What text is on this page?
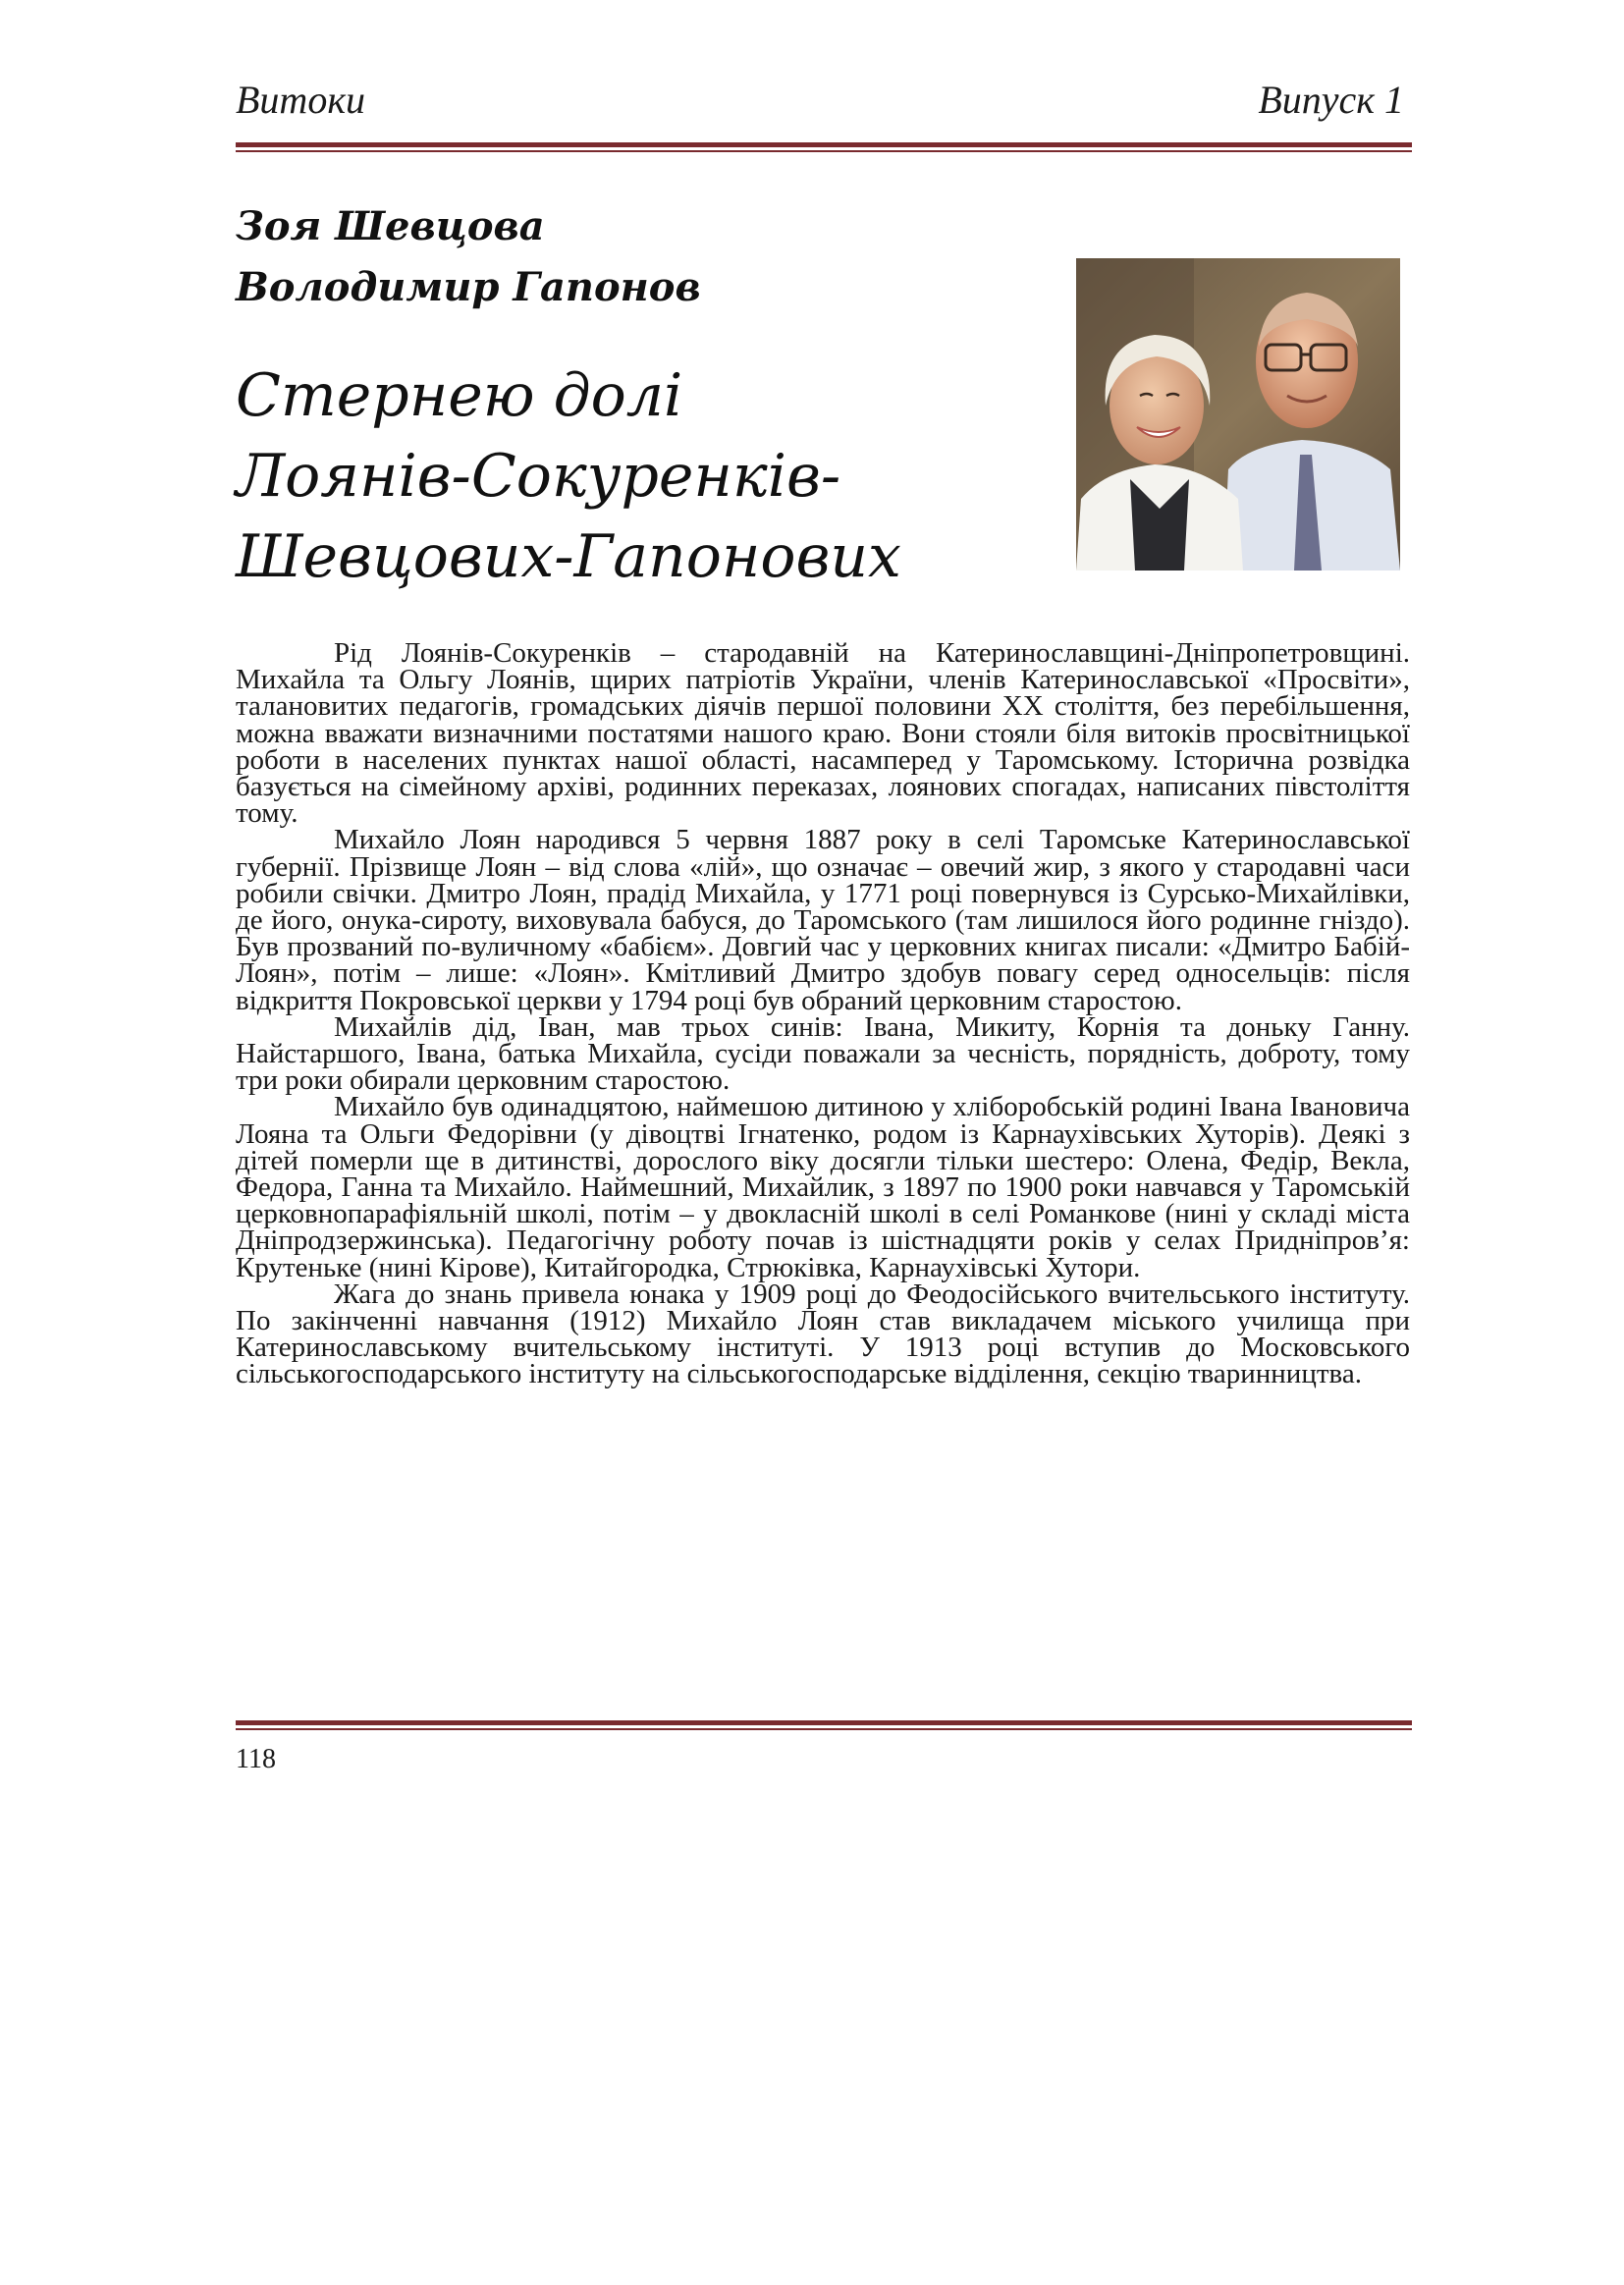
Витоки	Випуск 1
Зоя Шевцова
Володимир Гапонов
Стернею долі
Лоянів-Сокуренків-
Шевцових-Гапонових

Рід Лоянів-Сокуренків – стародавній на Катеринославщині-Дніпропетровщині. Михайла та Ольгу Лоянів, щирих патріотів України, членів Катеринославської «Просвіти», талановитих педагогів, громадських діячів першої половини XX століття, без перебільшення, можна вважати визначними постатями нашого краю. Вони стояли біля витоків просвітницької роботи в населених пунктах нашої області, насамперед у Таромському. Історична розвідка базується на сімейному архіві, родинних переказах, лоянових спогадах, написаних півстоліття тому.

Михайло Лоян народився 5 червня 1887 року в селі Таромське Катеринославської губернії. Прізвище Лоян – від слова «лій», що означає – овечий жир, з якого у стародавні часи робили свічки. Дмитро Лоян, прадід Михайла, у 1771 році повернувся із Сурсько-Михайлівки, де його, онука-сироту, виховувала бабуся, до Таромського (там лишилося його родинне гніздо). Був прозваний по-вуличному «бабієм». Довгий час у церковних книгах писали: «Дмитро Бабій-Лоян», потім – лише: «Лоян». Кмітливий Дмитро здобув повагу серед односельців: після відкриття Покровської церкви у 1794 році був обраний церковним старостою.

Михайлів дід, Іван, мав трьох синів: Івана, Микиту, Корнія та доньку Ганну. Найстаршого, Івана, батька Михайла, сусіди поважали за чесність, порядність, доброту, тому три роки обирали церковним старостою.

Михайло був одинадцятою, наймешою дитиною у хліборобській родині Івана Івановича Лояна та Ольги Федорівни (у дівоцтві Ігнатенко, родом із Карнаухівських Хуторів). Деякі з дітей померли ще в дитинстві, дорослого віку досягли тільки шестеро: Олена, Федір, Векла, Федора, Ганна та Михайло. Наймешний, Михайлик, з 1897 по 1900 роки навчався у Таромській церковнопарафіяльній школі, потім – у двокласній школі в селі Романкове (нині у складі міста Дніпродзержинська). Педагогічну роботу почав із шістнадцяти років у селах Придніпров’я: Крутеньке (нині Кірове), Китайгородка, Стрюківка, Карнаухівські Хутори.

Жага до знань привела юнака у 1909 році до Феодосійського вчительського інституту. По закінченні навчання (1912) Михайло Лоян став викладачем міського училища при Катеринославському вчительському інституті. У 1913 році вступив до Московського сільськогосподарського інституту на сільськогосподарське відділення, секцію тваринництва.

118
